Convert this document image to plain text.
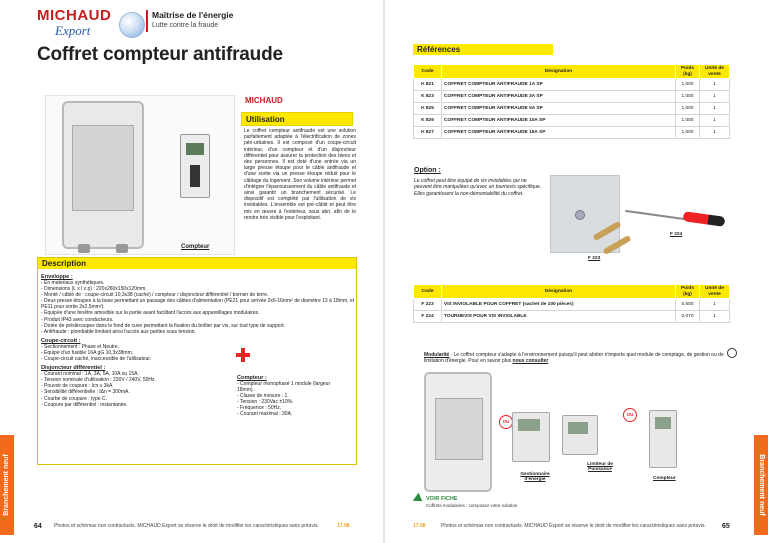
MICHAUD
Export
Maîtrise de l'énergie
Lutte contre la fraude
Coffret compteur antifraude
Compteur
MICHAUD
Utilisation
Le coffret compteur antifraude est une solution parfaitement adaptée à l'électrification de zones péri-urbaines. Il est composé d'un coupe-circuit intérieur, d'un compteur et d'un disjoncteur différentiel pour assurer la protection des biens et des personnes. Il est doté d'une entrée via un large presse étoupe pour le câble antifraude et d'une sortie via un presse étoupe réduit pour le câblage du logement. Son volume intérieur permet d'intégrer l'épanouissement du câble antifraude et ainsi garantir un branchement sécurisé. Le dispositif est complété par l'utilisation de vis inviolables. L'ensemble est pré-câblé et peut être mis en œuvre à l'extérieur, sous abri, afin de le rendre très visible pour l'exploitant.
Description
Enveloppe :
- En materiaux synthétiques.
- Dimensions (L x l x p) : 220x260x150x120mm.
- Monté / câblé de : coupe-circuit 10,3x38 (caché) / compteur / disjoncteur différentiel / bornier de terre.
- Deux presse étoupes à la base permettant un passage des câbles d'alimentation (PE21 pour arrivée 2x6-16mm² de diamètre 13 à 18mm, et PE11 pour sortie 2x2,5mm²).
- Équipée d'une fenêtre amovible sur la partie avant facilitant l'accès aux appareillages modulaires.
- Produit IP43 avec conducteurs.
- Dotée de prédécoupes dans le fond de cuve permettant la fixation du boîtier par vis, sur tout type de support.
- Antifraude : plombable limitant ainsi l'accès aux parties sous tension.
Coupe-circuit :
- Sectionnement : Phase et Neutre.
- Équipé d'un fusible 16A gG 10,3x38mm.
- Coupe-circuit caché, inaccessible de l'utilisateur.
Disjoncteur différentiel :
- Courant nominal : 1A, 3A, 5A, 10A ou 15A.
- Tension nominale d'utilisation : 230V / 240V, 50Hz
- Pouvoir de coupure : Icn ≥ 3kA
- Sensibilité différentielle : IΔn = 300mA.
- Courbe de coupure : type C.
- Coupure par différentiel : instantanée.
Compteur :
- Compteur monophasé 1 module (largeur 18mm).
- Classe de mesure : 1.
- Tension : 230Vac ±10%.
- Fréquence : 50Hz.
- Courant maximal : 30A.
Branchement neuf
64 Photos et schémas non contractuels. MICHAUD Export se réserve le droit de modifier les caractéristiques sans préavis.	17.08
Références
Code	Désignation	Poids (kg)	Unité de vente
K 821	COFFRET COMPTEUR ANTIFRAUDE 1A SP	1,000	1
K 823	COFFRET COMPTEUR ANTIFRAUDE 3A SP	1,000	1
K 825	COFFRET COMPTEUR ANTIFRAUDE 5A SP	1,000	1
K 826	COFFRET COMPTEUR ANTIFRAUDE 10A SP	1,000	1
K 827	COFFRET COMPTEUR ANTIFRAUDE 15A SP	1,000	1
Option :
Le coffret peut être équipé de vis inviolables qui ne peuvent être manipulées qu'avec un tournevis spécifique. Elles garantissent la non-démontabilité du coffret.
F 223
F 224
Code	Désignation	Poids (kg)	Unité de vente
F 223	VIS INVIOLABLE POUR COFFRET (sachet de 100 pièces)	0,500	1
F 224	TOURNEVIS POUR VIS INVIOLABLE	0,070	1
Modularité : Le coffret compteur s'adapte à l'environnement puisqu'il peut abriter n'importe quel module de comptage, de gestion ou de limitation d'énergie. Pour en savoir plus nous consulter
OU
OU
Gestionnaire d'énergie
Limiteur de Puissance
Compteur
VOIR FICHE
Coffrets modulaires : composez votre solution	Branchement neuf
17.08	Photos et schémas non contractuels. MICHAUD Export se réserve le droit de modifier les caractéristiques sans préavis. 65
